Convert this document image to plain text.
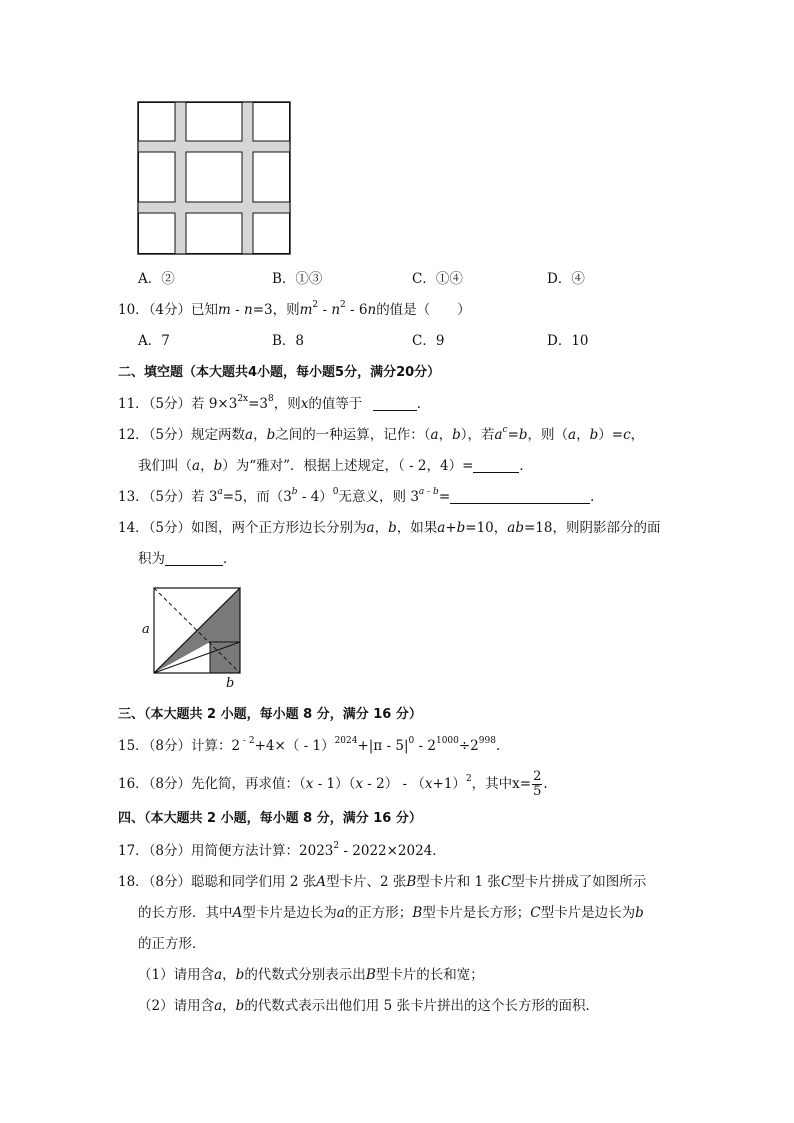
A．②	B．①③	C．①④	D．④
10．（4分）已知m - n=3，则$m^2 - n^2 - 6n$的值是（　　）
A．7	B．8	C．9	D．10
二、填空题（本大题共4小题，每小题5分，满分20分）
11．（5分）若 $9\times 3^{2x}=3^8$，则x的值等于	．
12．（5分）规定两数a，b之间的一种运算，记作：（a，b），若$a^c=b$，则（a，b）=c，
我们叫（a，b）为“雅对”．根据上述规定，（ - 2，4）=	．
13．（5分）若 $3^a=5$，而（3$^b$ - 4）$^0$无意义，则 $3^{a - b}=$	．
14．（5分）如图，两个正方形边长分别为a，b，如果a+b=10，ab=18，则阴影部分的面
积为	．
a
b
三、（本大题共 2 小题，每小题 8 分，满分 16 分）
15．（8分）计算：2 $^{- 2}+4\times( - 1)^{2024}+|\pi - 5|^0 - 2^{1000}\div 2^{998}$.
16．（8分）先化简，再求值：$(x - 1)(x - 2) - (x+1)^2$，其中$x= \frac{2}{5}$ .
四、（本大题共 2 小题，每小题 8 分，满分 16 分）
17．（8分）用简便方法计算：2023$^2$ - 2022×2024．
18．（8分）聪聪和同学们用 2 张A型卡片、2 张B型卡片和 1 张C型卡片拼成了如图所示
的长方形．其中A型卡片是边长为a的正方形；B型卡片是长方形；C型卡片是边长为b
的正方形．
（1）请用含a，b的代数式分别表示出B型卡片的长和宽；
（2）请用含a，b的代数式表示出他们用 5 张卡片拼出的这个长方形的面积．
